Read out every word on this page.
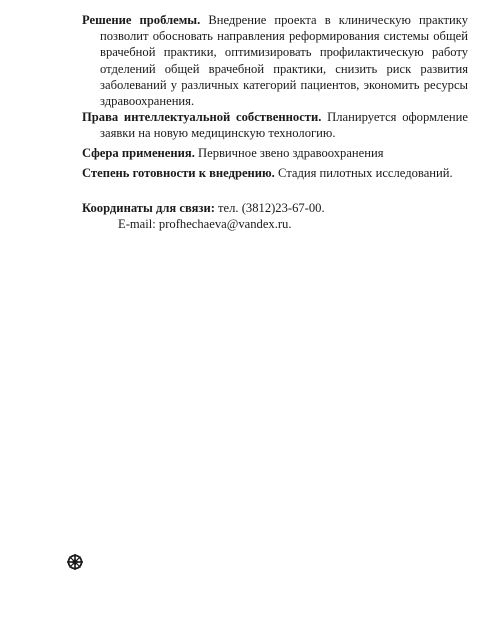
Решение проблемы. Внедрение проекта в клиническую практику позволит обосновать направления реформирования системы общей врачебной практики, оптимизировать профилактическую работу отделений общей врачебной практики, снизить риск развития заболеваний у различных категорий пациентов, экономить ресурсы здравоохранения.
Права интеллектуальной собственности. Планируется оформление заявки на новую медицинскую технологию.
Сфера применения. Первичное звено здравоохранения
Степень готовности к внедрению. Стадия пилотных исследований.
Координаты для связи: тел. (3812)23-67-00.
E-mail: profhechaeva@vandex.ru.
